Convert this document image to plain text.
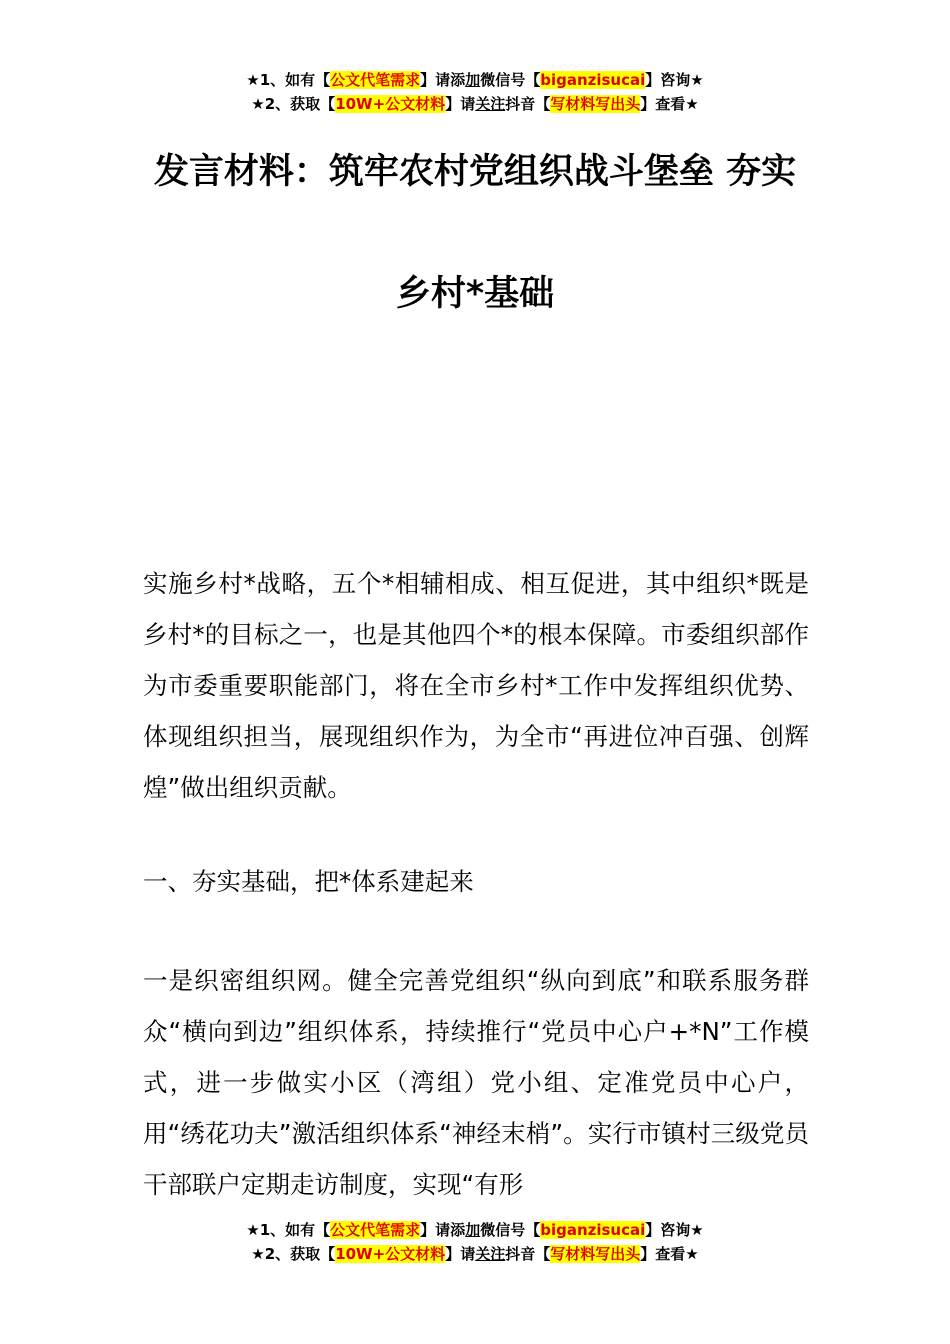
★1、如有【公文代笔需求】请添加微信号【biganzisucai】咨询★
★2、获取【10W+公文材料】请关注抖音【写材料写出头】查看★
发言材料：筑牢农村党组织战斗堡垒 夯实
乡村*基础
实施乡村*战略，五个*相辅相成、相互促进，其中组织*既是乡村*的目标之一，也是其他四个*的根本保障。市委组织部作为市委重要职能部门，将在全市乡村*工作中发挥组织优势、体现组织担当，展现组织作为，为全市“再进位冲百强、创辉煌”做出组织贡献。
一、夯实基础，把*体系建起来
一是织密组织网。健全完善党组织“纵向到底”和联系服务群众“横向到边”组织体系，持续推行“党员中心户+*N”工作模式，进一步做实小区（湾组）党小组、定准党员中心户，用“绣花功夫”激活组织体系“神经末梢”。实行市镇村三级党员干部联户定期走访制度，实现“有形
★1、如有【公文代笔需求】请添加微信号【biganzisucai】咨询★
★2、获取【10W+公文材料】请关注抖音【写材料写出头】查看★
